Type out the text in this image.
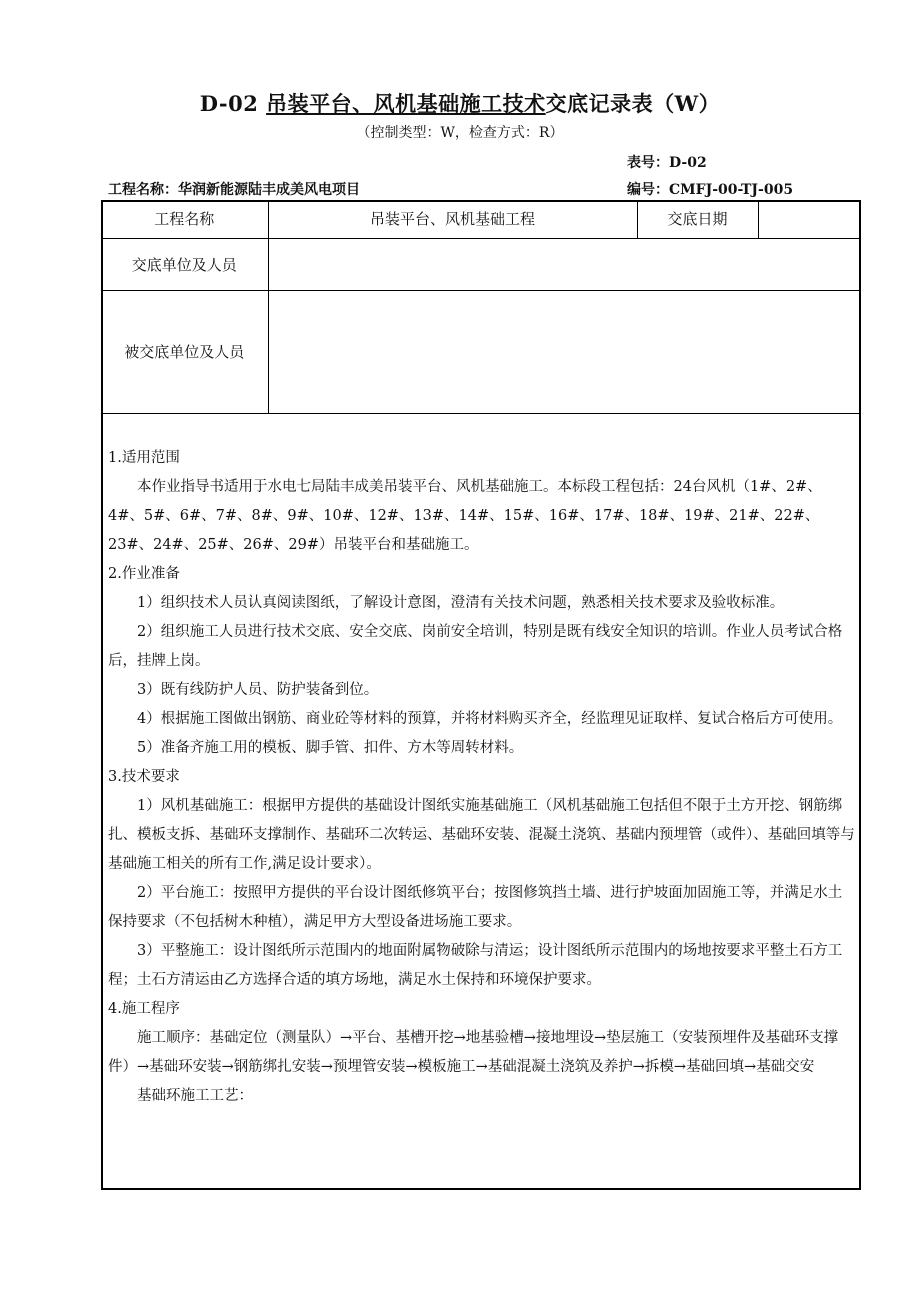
D-02 吊装平台、风机基础施工技术交底记录表（W）
（控制类型：W，检查方式：R）
表号：D-02
工程名称：华润新能源陆丰成美风电项目	编号：CMFJ-00-TJ-005
工程名称	吊装平台、风机基础工程	交底日期	
交底单位及人员			
被交底单位及人员			

1.适用范围

本作业指导书适用于水电七局陆丰成美吊装平台、风机基础施工。本标段工程包括：24台风机（1#、2#、4#、5#、6#、7#、8#、9#、10#、12#、13#、14#、15#、16#、17#、18#、19#、21#、22#、23#、24#、25#、26#、29#）吊装平台和基础施工。

2.作业准备

1）组织技术人员认真阅读图纸，了解设计意图，澄清有关技术问题，熟悉相关技术要求及验收标准。

2）组织施工人员进行技术交底、安全交底、岗前安全培训，特别是既有线安全知识的培训。作业人员考试合格后，挂牌上岗。

3）既有线防护人员、防护装备到位。

4）根据施工图做出钢筋、商业砼等材料的预算，并将材料购买齐全，经监理见证取样、复试合格后方可使用。

5）准备齐施工用的模板、脚手管、扣件、方木等周转材料。

3.技术要求

1）风机基础施工：根据甲方提供的基础设计图纸实施基础施工（风机基础施工包括但不限于土方开挖、钢筋绑扎、模板支拆、基础环支撑制作、基础环二次转运、基础环安装、混凝土浇筑、基础内预埋管（或件）、基础回填等与基础施工相关的所有工作,满足设计要求）。

2）平台施工：按照甲方提供的平台设计图纸修筑平台；按图修筑挡土墙、进行护坡面加固施工等，并满足水土保持要求（不包括树木种植），满足甲方大型设备进场施工要求。

3）平整施工：设计图纸所示范围内的地面附属物破除与清运；设计图纸所示范围内的场地按要求平整土石方工程；土石方清运由乙方选择合适的填方场地，满足水土保持和环境保护要求。

4.施工程序

施工顺序：基础定位（测量队）→平台、基槽开挖→地基验槽→接地埋设→垫层施工（安装预埋件及基础环支撑件）→基础环安装→钢筋绑扎安装→预埋管安装→模板施工→基础混凝土浇筑及养护→拆模→基础回填→基础交安

基础环施工工艺：
